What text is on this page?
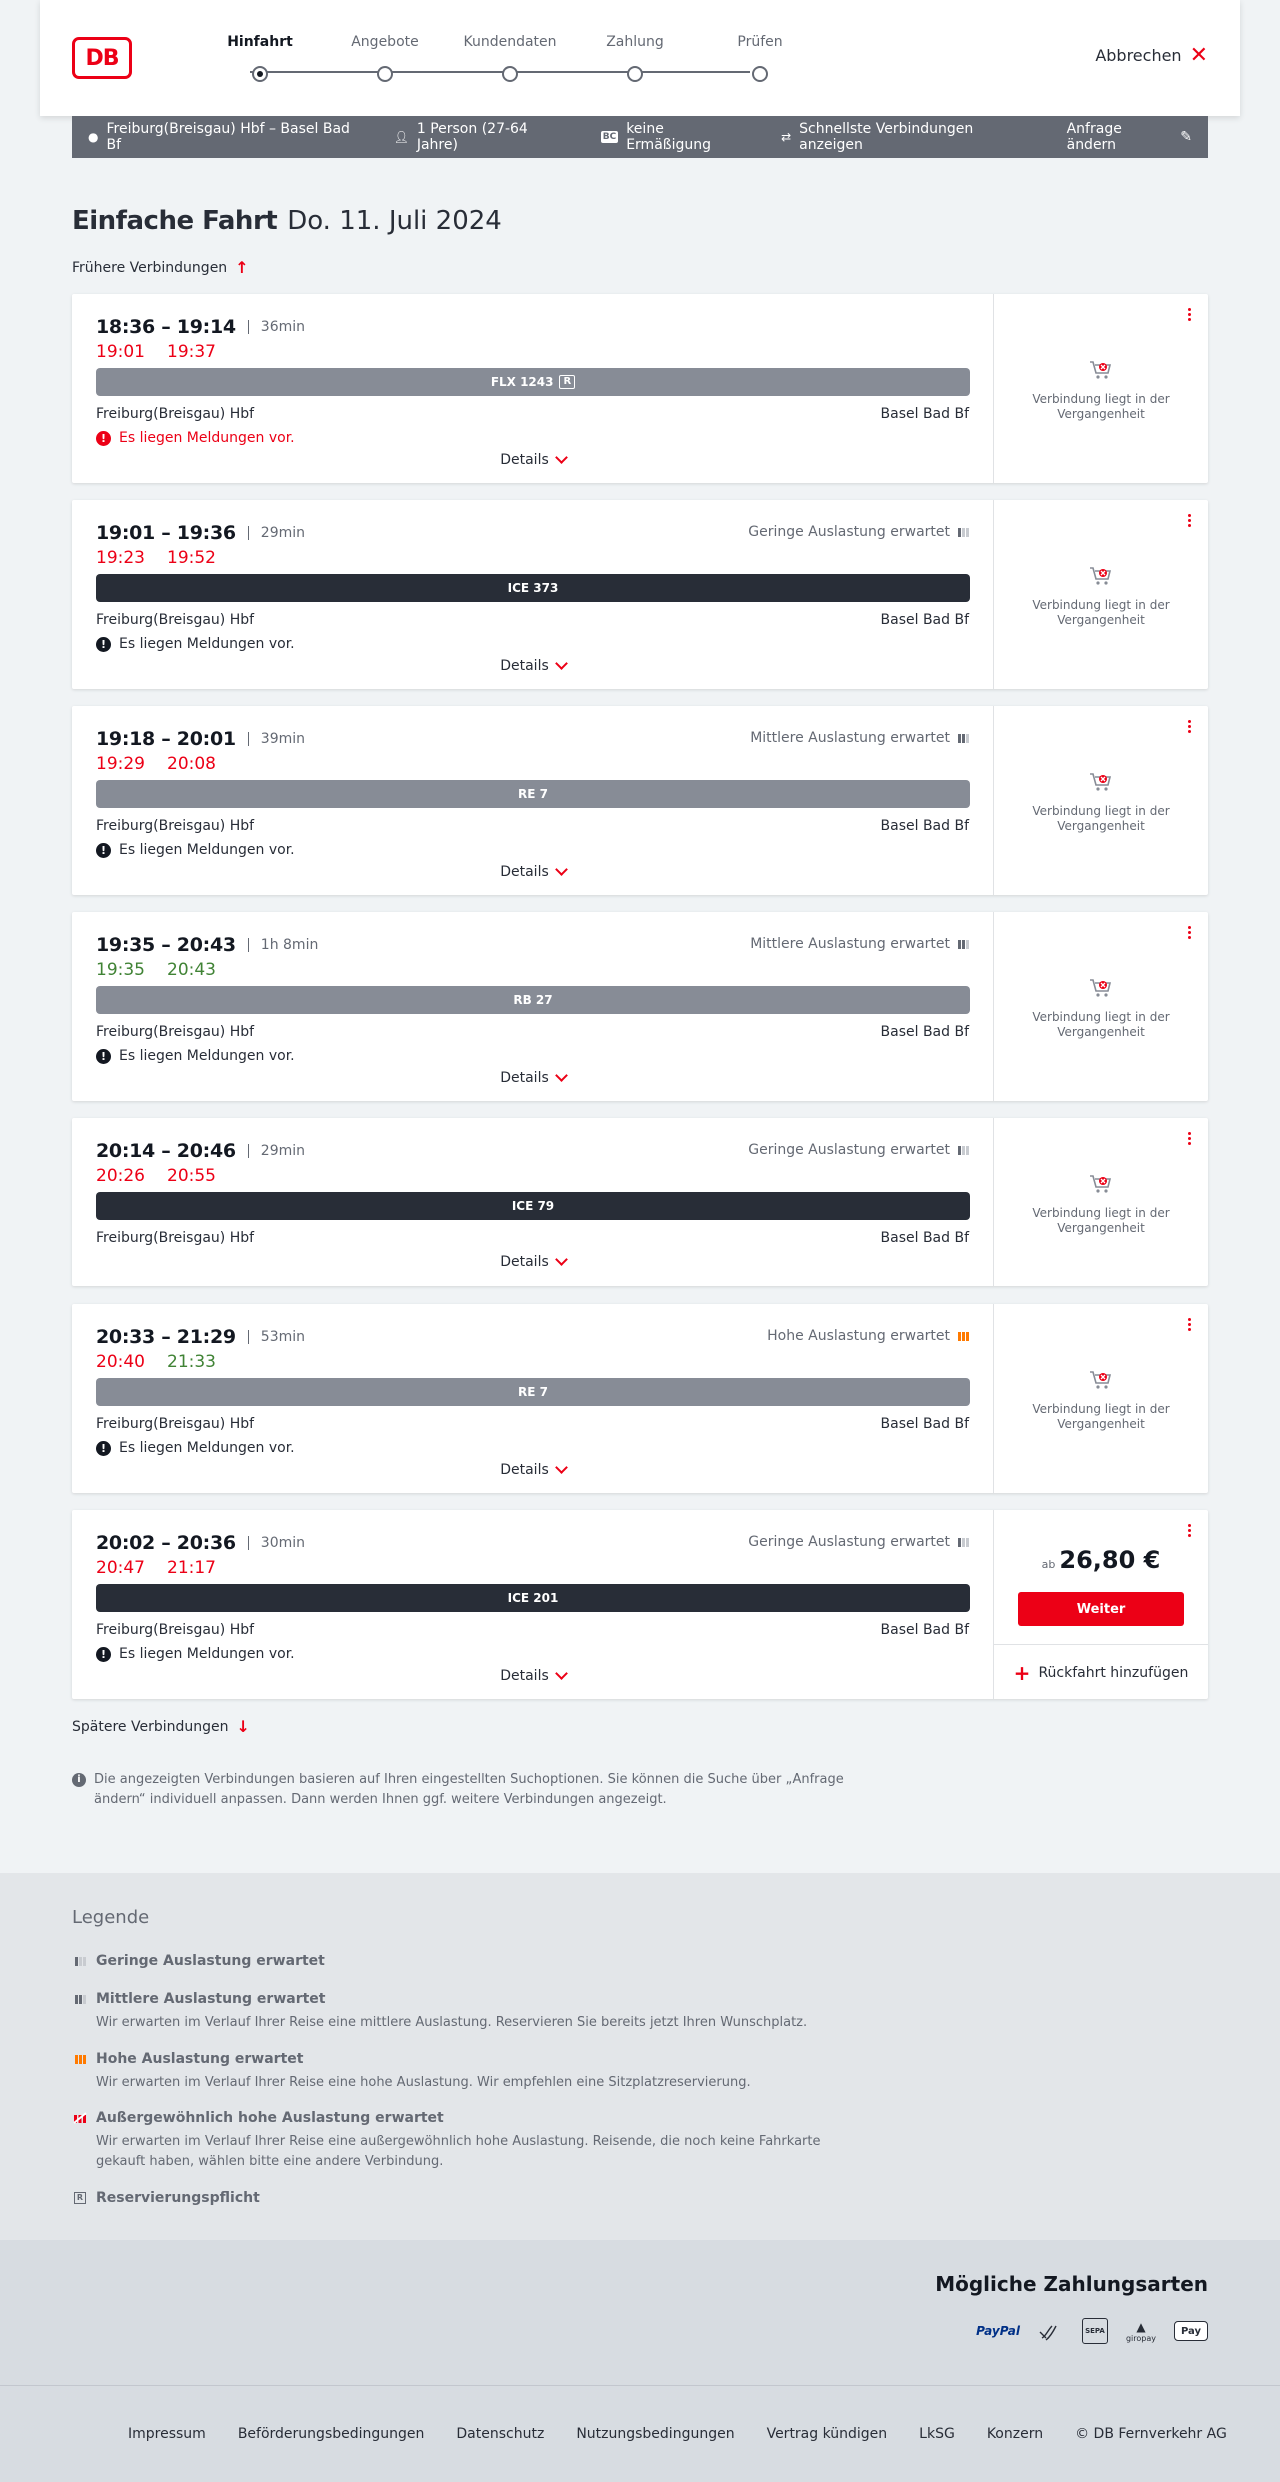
DB
Hinfahrt	Angebote	Kundendaten	Zahlung	Prüfen
Abbrechen ✕
● Freiburg(Breisgau) Hbf – Basel Bad Bf	👤︎ 1 Person (27-64 Jahre)	BC keine Ermäßigung	⇄ Schnellste Verbindungen anzeigen
Anfrage ändern	✎
Einfache Fahrt Do. 11. Juli 2024
Frühere Verbindungen ↑
18:36 – 19:14	36min
19:01 19:37
FLX 1243	R
Freiburg(Breisgau) Hbf	Basel Bad Bf
! Es liegen Meldungen vor.
Details
Verbindung liegt in der Vergangenheit
19:01 – 19:36	29min	Geringe Auslastung erwartet
19:23 19:52
ICE 373
Freiburg(Breisgau) Hbf	Basel Bad Bf
! Es liegen Meldungen vor.
Details
Verbindung liegt in der Vergangenheit
19:18 – 20:01	39min	Mittlere Auslastung erwartet
19:29 20:08
RE 7
Freiburg(Breisgau) Hbf	Basel Bad Bf
! Es liegen Meldungen vor.
Details
Verbindung liegt in der Vergangenheit
19:35 – 20:43	1h 8min	Mittlere Auslastung erwartet
19:35 20:43
RB 27
Freiburg(Breisgau) Hbf	Basel Bad Bf
! Es liegen Meldungen vor.
Details
Verbindung liegt in der Vergangenheit
20:14 – 20:46	29min	Geringe Auslastung erwartet
20:26 20:55
ICE 79
Freiburg(Breisgau) Hbf	Basel Bad Bf
Details
Verbindung liegt in der Vergangenheit
20:33 – 21:29	53min	Hohe Auslastung erwartet
20:40 21:33
RE 7
Freiburg(Breisgau) Hbf	Basel Bad Bf
! Es liegen Meldungen vor.
Details
Verbindung liegt in der Vergangenheit
20:02 – 20:36	30min	Geringe Auslastung erwartet
20:47 21:17
ICE 201
Freiburg(Breisgau) Hbf	Basel Bad Bf
! Es liegen Meldungen vor.
Details
ab 26,80 €
Weiter
+ Rückfahrt hinzufügen
Spätere Verbindungen ↓
i	Die angezeigten Verbindungen basieren auf Ihren eingestellten Suchoptionen. Sie können die Suche über „Anfrage ändern“ individuell anpassen. Dann werden Ihnen ggf. weitere Verbindungen angezeigt.
Legende
Geringe Auslastung erwartet
Mittlere Auslastung erwartet
Wir erwarten im Verlauf Ihrer Reise eine mittlere Auslastung. Reservieren Sie bereits jetzt Ihren Wunschplatz.
Hohe Auslastung erwartet
Wir erwarten im Verlauf Ihrer Reise eine hohe Auslastung. Wir empfehlen eine Sitzplatzreservierung.
Außergewöhnlich hohe Auslastung erwartet
Wir erwarten im Verlauf Ihrer Reise eine außergewöhnlich hohe Auslastung. Reisende, die noch keine Fahrkarte gekauft haben, wählen bitte eine andere Verbindung.
R Reservierungspflicht
Mögliche Zahlungsarten
PayPal	SEPA	▲
giropay
Pay
Impressum Beförderungsbedingungen Datenschutz Nutzungsbedingungen Vertrag kündigen LkSG Konzern © DB Fernverkehr AG
